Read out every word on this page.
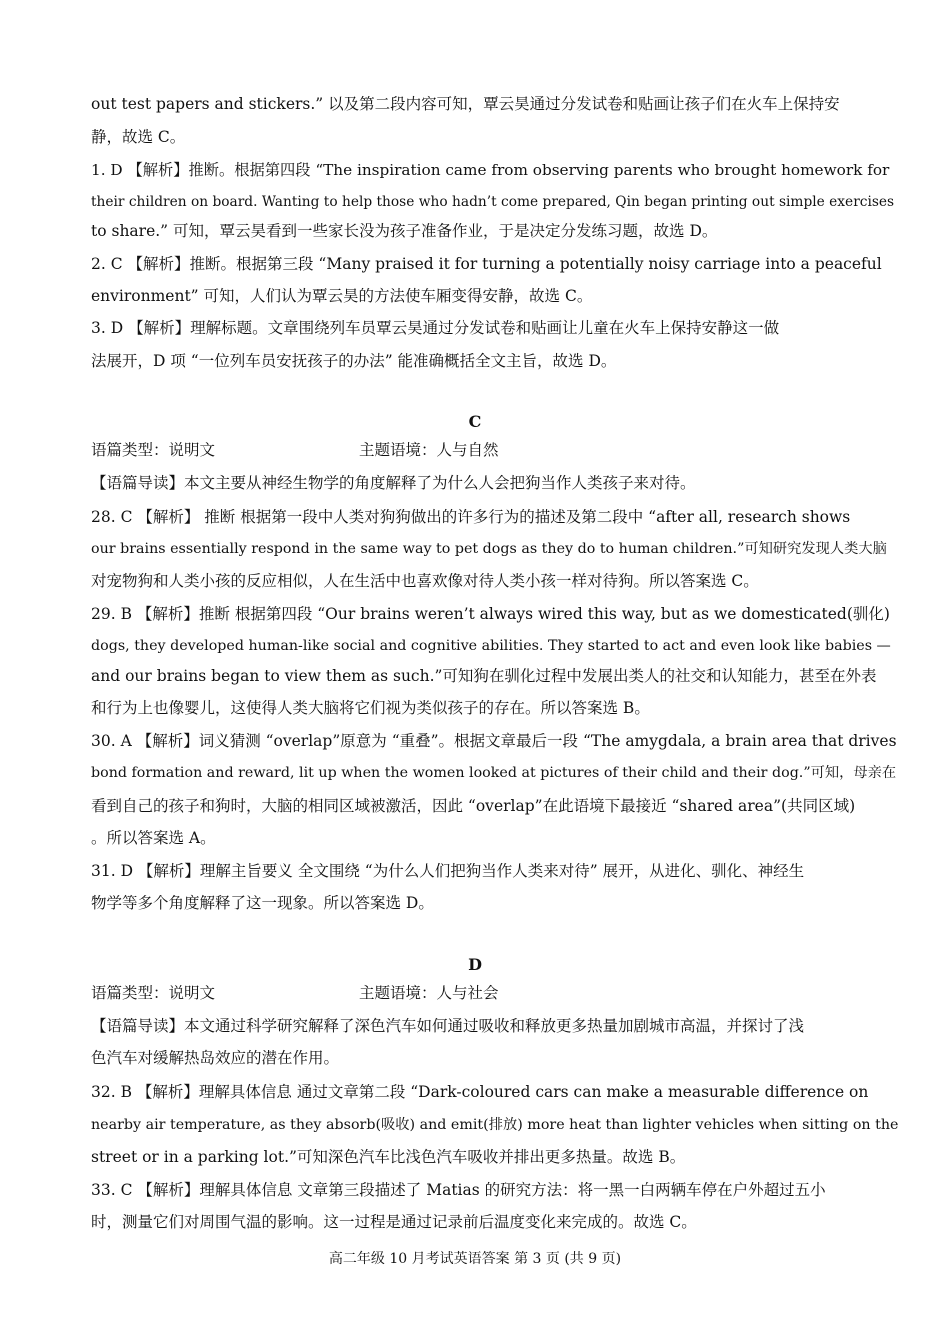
out test papers and stickers.” 以及第二段内容可知，覃云昊通过分发试卷和贴画让孩子们在火车上保持安
静，故选 C。
1. D 【解析】推断。根据第四段 “The inspiration came from observing parents who brought homework for
their children on board. Wanting to help those who hadn’t come prepared, Qin began printing out simple exercises
to share.” 可知，覃云昊看到一些家长没为孩子准备作业，于是决定分发练习题，故选 D。
2. C 【解析】推断。根据第三段 “Many praised it for turning a potentially noisy carriage into a peaceful
environment” 可知，人们认为覃云昊的方法使车厢变得安静，故选 C。
3. D 【解析】理解标题。文章围绕列车员覃云昊通过分发试卷和贴画让儿童在火车上保持安静这一做
法展开，D 项 “一位列车员安抚孩子的办法” 能准确概括全文主旨，故选 D。
C
语篇类型：说明文	主题语境：人与自然
【语篇导读】本文主要从神经生物学的角度解释了为什么人会把狗当作人类孩子来对待。
28. C 【解析】 推断 根据第一段中人类对狗狗做出的许多行为的描述及第二段中 “after all, research shows
our brains essentially respond in the same way to pet dogs as they do to human children.”可知研究发现人类大脑
对宠物狗和人类小孩的反应相似，人在生活中也喜欢像对待人类小孩一样对待狗。所以答案选 C。
29. B 【解析】推断 根据第四段 “Our brains weren’t always wired this way, but as we domesticated(驯化)
dogs, they developed human-like social and cognitive abilities. They started to act and even look like babies —
and our brains began to view them as such.”可知狗在驯化过程中发展出类人的社交和认知能力，甚至在外表
和行为上也像婴儿，这使得人类大脑将它们视为类似孩子的存在。所以答案选 B。
30. A 【解析】词义猜测 “overlap”原意为 “重叠”。根据文章最后一段 “The amygdala, a brain area that drives
bond formation and reward, lit up when the women looked at pictures of their child and their dog.”可知，母亲在
看到自己的孩子和狗时，大脑的相同区域被激活，因此 “overlap”在此语境下最接近 “shared area”(共同区域)
。所以答案选 A。
31. D 【解析】理解主旨要义 全文围绕 “为什么人们把狗当作人类来对待” 展开，从进化、驯化、神经生
物学等多个角度解释了这一现象。所以答案选 D。
D
语篇类型：说明文	主题语境：人与社会
【语篇导读】本文通过科学研究解释了深色汽车如何通过吸收和释放更多热量加剧城市高温，并探讨了浅
色汽车对缓解热岛效应的潜在作用。
32. B 【解析】理解具体信息 通过文章第二段 “Dark-coloured cars can make a measurable difference on
nearby air temperature, as they absorb(吸收) and emit(排放) more heat than lighter vehicles when sitting on the
street or in a parking lot.”可知深色汽车比浅色汽车吸收并排出更多热量。故选 B。
33. C 【解析】理解具体信息 文章第三段描述了 Matias 的研究方法：将一黑一白两辆车停在户外超过五小
时，测量它们对周围气温的影响。这一过程是通过记录前后温度变化来完成的。故选 C。
高二年级 10 月考试英语答案 第 3 页 (共 9 页)
